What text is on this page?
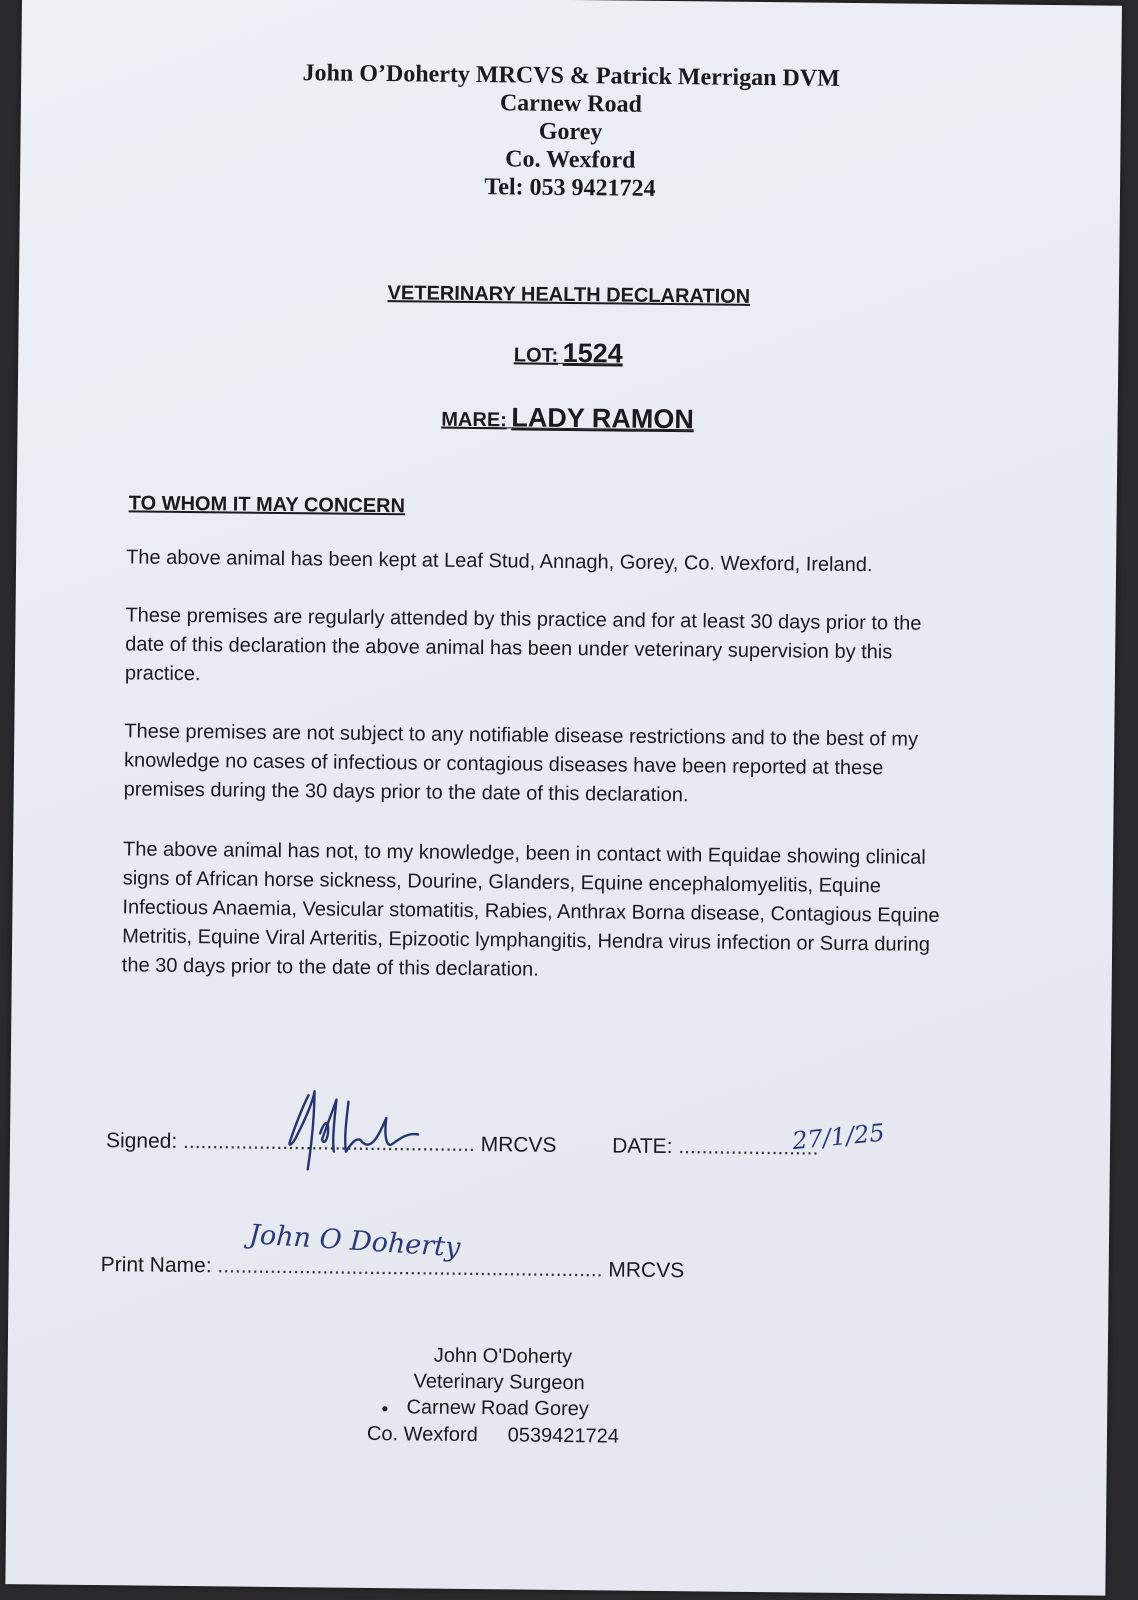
John O’Doherty MRCVS & Patrick Merrigan DVM
Carnew Road
Gorey
Co. Wexford
Tel: 053 9421724
VETERINARY HEALTH DECLARATION
LOT: 1524
MARE: LADY RAMON
TO WHOM IT MAY CONCERN
The above animal has been kept at Leaf Stud, Annagh, Gorey, Co. Wexford, Ireland.
These premises are regularly attended by this practice and for at least 30 days prior to the date of this declaration the above animal has been under veterinary supervision by this practice.
These premises are not subject to any notifiable disease restrictions and to the best of my knowledge no cases of infectious or contagious diseases have been reported at these premises during the 30 days prior to the date of this declaration.
The above animal has not, to my knowledge, been in contact with Equidae showing clinical signs of African horse sickness, Dourine, Glanders, Equine encephalomyelitis, Equine Infectious Anaemia, Vesicular stomatitis, Rabies, Anthrax Borna disease, Contagious Equine Metritis, Equine Viral Arteritis, Epizootic lymphangitis, Hendra virus infection or Surra during the 30 days prior to the date of this declaration.
Signed: .................................................. MRCVS	DATE: ........................
27/1/25
Print Name: .................................................................. MRCVS
John O Doherty
John O'Doherty
Veterinary Surgeon
● Carnew Road Gorey
Co. Wexford 0539421724
